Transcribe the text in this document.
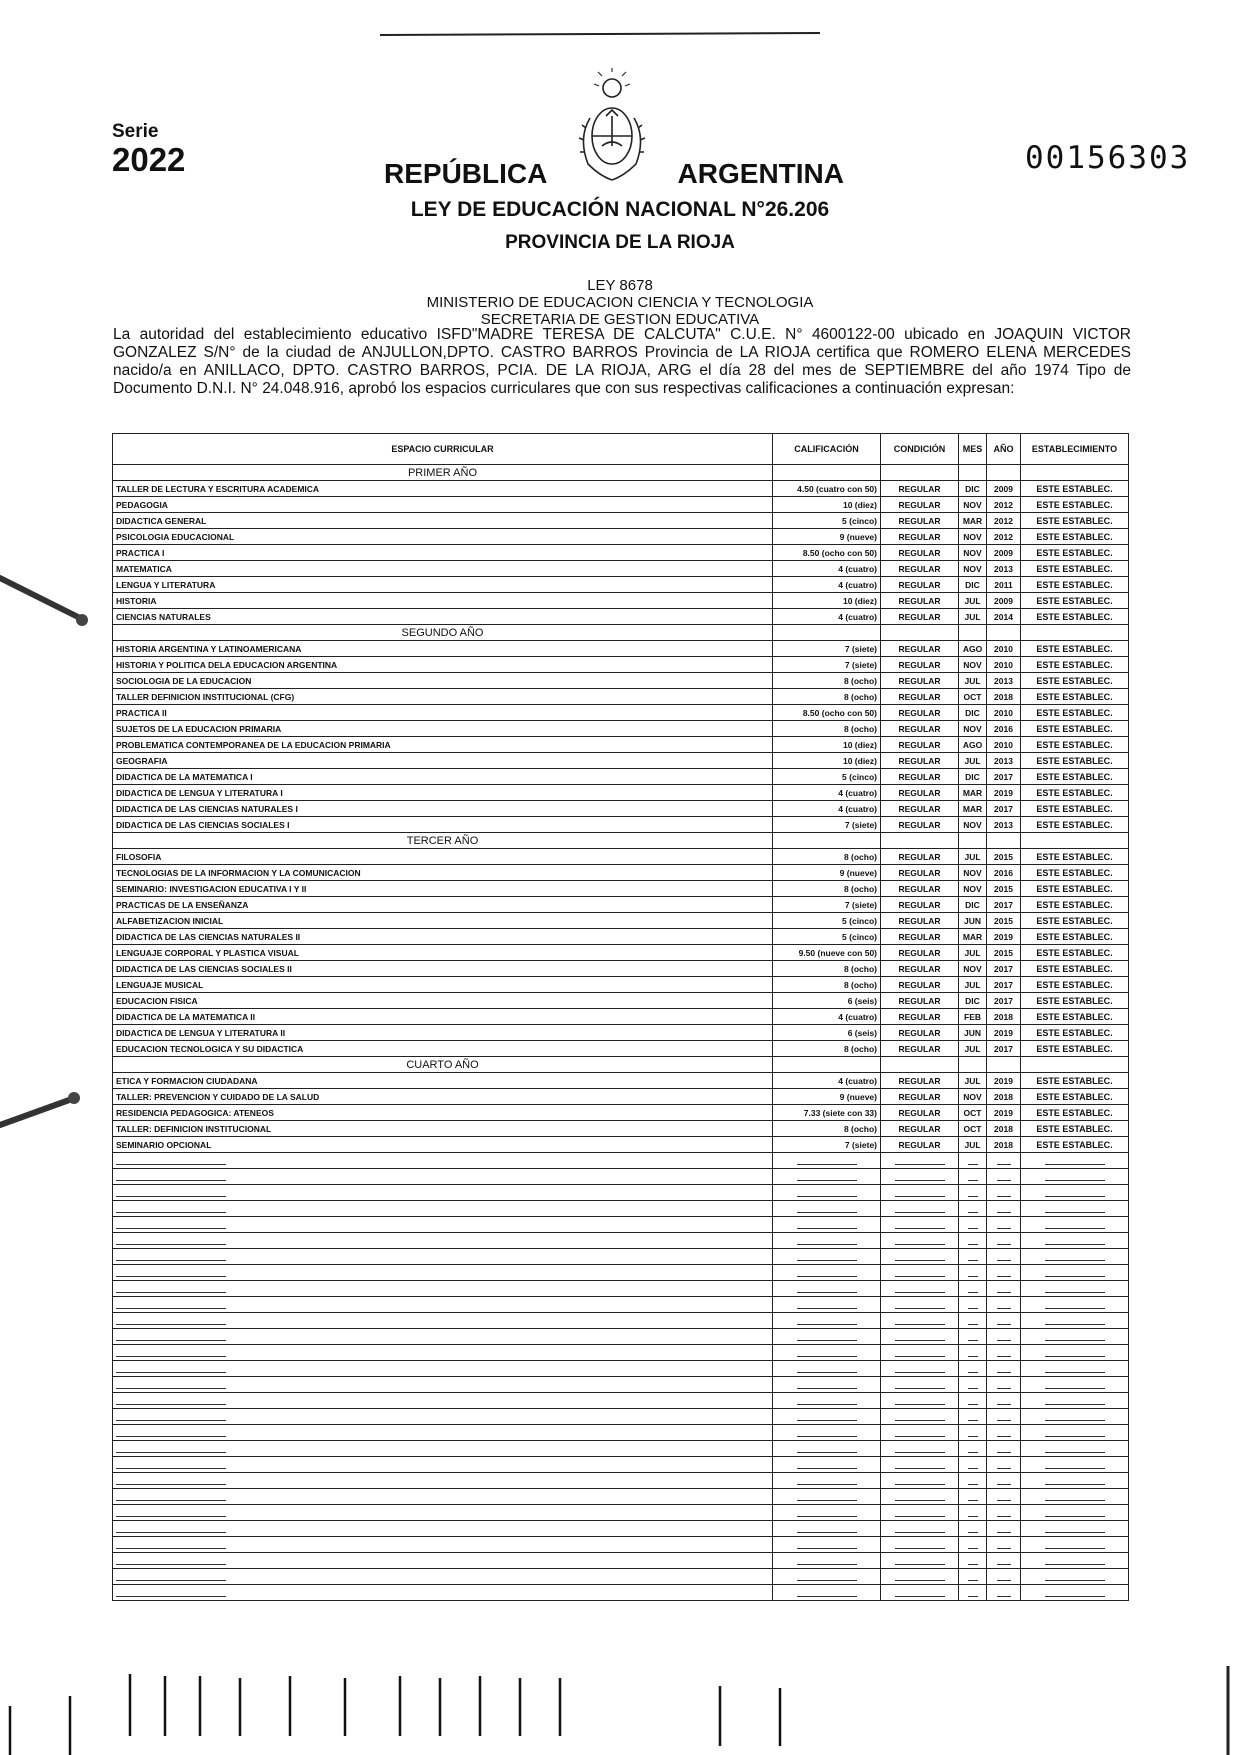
Serie
2022	00156303
REPÚBLICA	ARGENTINA
LEY DE EDUCACIÓN NACIONAL N°26.206
PROVINCIA DE LA RIOJA
LEY 8678
MINISTERIO DE EDUCACION CIENCIA Y TECNOLOGIA
SECRETARIA DE GESTION EDUCATIVA
La autoridad del establecimiento educativo ISFD"MADRE TERESA DE CALCUTA" C.U.E. N° 4600122-00 ubicado en JOAQUIN VICTOR GONZALEZ S/N° de la ciudad de ANJULLON,DPTO. CASTRO BARROS Provincia de LA RIOJA certifica que ROMERO ELENA MERCEDES nacido/a en ANILLACO, DPTO. CASTRO BARROS, PCIA. DE LA RIOJA, ARG el día 28 del mes de SEPTIEMBRE del año 1974 Tipo de Documento D.N.I. N° 24.048.916, aprobó los espacios curriculares que con sus respectivas calificaciones a continuación expresan:
ESPACIO CURRICULAR	CALIFICACIÓN	CONDICIÓN	MES	AÑO	ESTABLECIMIENTO
PRIMER AÑO					
TALLER DE LECTURA Y ESCRITURA ACADEMICA	4.50 (cuatro con 50)	REGULAR	DIC	2009	ESTE ESTABLEC.
PEDAGOGIA	10 (diez)	REGULAR	NOV	2012	ESTE ESTABLEC.
DIDACTICA GENERAL	5 (cinco)	REGULAR	MAR	2012	ESTE ESTABLEC.
PSICOLOGIA EDUCACIONAL	9 (nueve)	REGULAR	NOV	2012	ESTE ESTABLEC.
PRACTICA I	8.50 (ocho con 50)	REGULAR	NOV	2009	ESTE ESTABLEC.
MATEMATICA	4 (cuatro)	REGULAR	NOV	2013	ESTE ESTABLEC.
LENGUA Y LITERATURA	4 (cuatro)	REGULAR	DIC	2011	ESTE ESTABLEC.
HISTORIA	10 (diez)	REGULAR	JUL	2009	ESTE ESTABLEC.
CIENCIAS NATURALES	4 (cuatro)	REGULAR	JUL	2014	ESTE ESTABLEC.
SEGUNDO AÑO					
HISTORIA ARGENTINA Y LATINOAMERICANA	7 (siete)	REGULAR	AGO	2010	ESTE ESTABLEC.
HISTORIA Y POLITICA DELA EDUCACION ARGENTINA	7 (siete)	REGULAR	NOV	2010	ESTE ESTABLEC.
SOCIOLOGIA DE LA EDUCACION	8 (ocho)	REGULAR	JUL	2013	ESTE ESTABLEC.
TALLER DEFINICION INSTITUCIONAL (CFG)	8 (ocho)	REGULAR	OCT	2018	ESTE ESTABLEC.
PRACTICA II	8.50 (ocho con 50)	REGULAR	DIC	2010	ESTE ESTABLEC.
SUJETOS DE LA EDUCACION PRIMARIA	8 (ocho)	REGULAR	NOV	2016	ESTE ESTABLEC.
PROBLEMATICA CONTEMPORANEA DE LA EDUCACION PRIMARIA	10 (diez)	REGULAR	AGO	2010	ESTE ESTABLEC.
GEOGRAFIA	10 (diez)	REGULAR	JUL	2013	ESTE ESTABLEC.
DIDACTICA DE LA MATEMATICA I	5 (cinco)	REGULAR	DIC	2017	ESTE ESTABLEC.
DIDACTICA DE LENGUA Y LITERATURA I	4 (cuatro)	REGULAR	MAR	2019	ESTE ESTABLEC.
DIDACTICA DE LAS CIENCIAS NATURALES I	4 (cuatro)	REGULAR	MAR	2017	ESTE ESTABLEC.
DIDACTICA DE LAS CIENCIAS SOCIALES I	7 (siete)	REGULAR	NOV	2013	ESTE ESTABLEC.
TERCER AÑO					
FILOSOFIA	8 (ocho)	REGULAR	JUL	2015	ESTE ESTABLEC.
TECNOLOGIAS DE LA INFORMACION Y LA COMUNICACION	9 (nueve)	REGULAR	NOV	2016	ESTE ESTABLEC.
SEMINARIO: INVESTIGACION EDUCATIVA I Y II	8 (ocho)	REGULAR	NOV	2015	ESTE ESTABLEC.
PRACTICAS DE LA ENSEÑANZA	7 (siete)	REGULAR	DIC	2017	ESTE ESTABLEC.
ALFABETIZACION INICIAL	5 (cinco)	REGULAR	JUN	2015	ESTE ESTABLEC.
DIDACTICA DE LAS CIENCIAS NATURALES II	5 (cinco)	REGULAR	MAR	2019	ESTE ESTABLEC.
LENGUAJE CORPORAL Y PLASTICA VISUAL	9.50 (nueve con 50)	REGULAR	JUL	2015	ESTE ESTABLEC.
DIDACTICA DE LAS CIENCIAS SOCIALES II	8 (ocho)	REGULAR	NOV	2017	ESTE ESTABLEC.
LENGUAJE MUSICAL	8 (ocho)	REGULAR	JUL	2017	ESTE ESTABLEC.
EDUCACION FISICA	6 (seis)	REGULAR	DIC	2017	ESTE ESTABLEC.
DIDACTICA DE LA MATEMATICA II	4 (cuatro)	REGULAR	FEB	2018	ESTE ESTABLEC.
DIDACTICA DE LENGUA Y LITERATURA II	6 (seis)	REGULAR	JUN	2019	ESTE ESTABLEC.
EDUCACION TECNOLOGICA Y SU DIDACTICA	8 (ocho)	REGULAR	JUL	2017	ESTE ESTABLEC.
CUARTO AÑO					
ETICA Y FORMACION CIUDADANA	4 (cuatro)	REGULAR	JUL	2019	ESTE ESTABLEC.
TALLER: PREVENCION Y CUIDADO DE LA SALUD	9 (nueve)	REGULAR	NOV	2018	ESTE ESTABLEC.
RESIDENCIA PEDAGOGICA: ATENEOS	7.33 (siete con 33)	REGULAR	OCT	2019	ESTE ESTABLEC.
TALLER: DEFINICION INSTITUCIONAL	8 (ocho)	REGULAR	OCT	2018	ESTE ESTABLEC.
SEMINARIO OPCIONAL	7 (siete)	REGULAR	JUL	2018	ESTE ESTABLEC.
